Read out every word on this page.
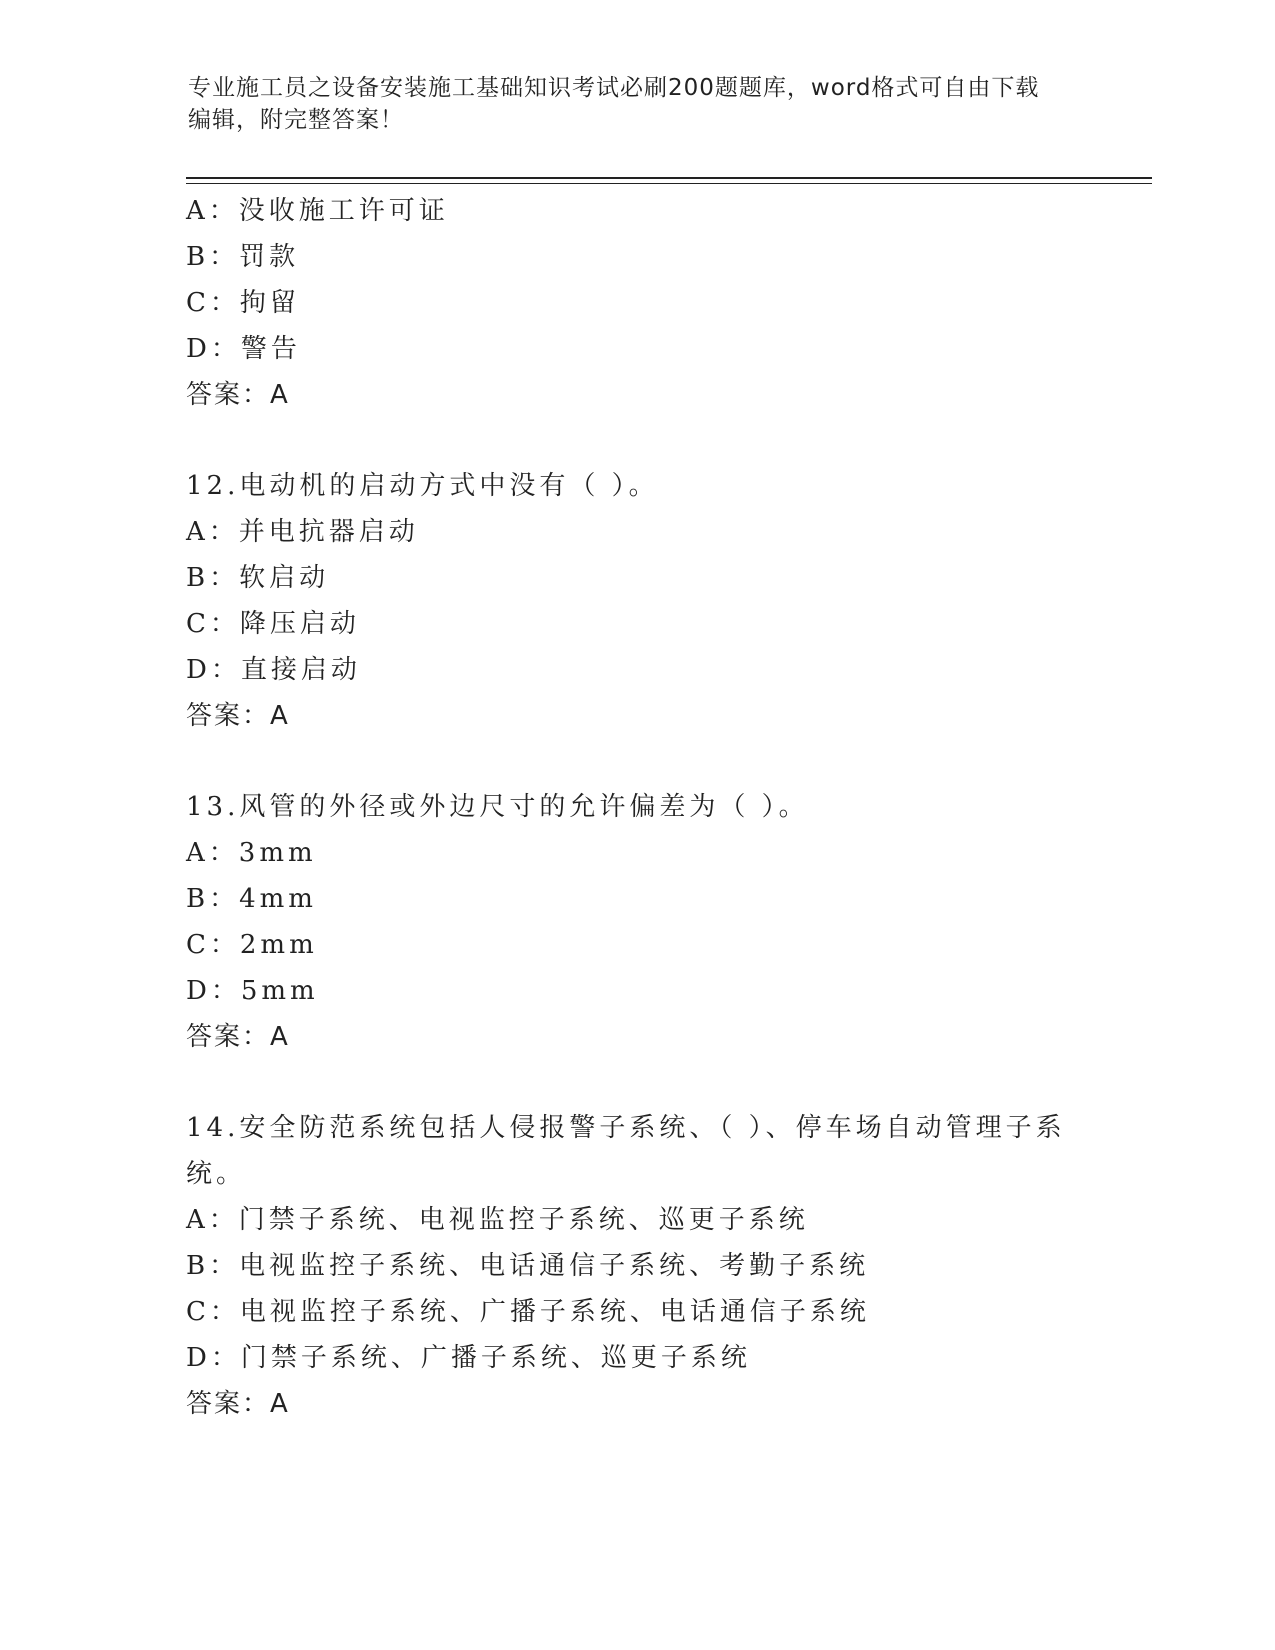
专业施工员之设备安装施工基础知识考试必刷200题题库，word格式可自由下载
编辑，附完整答案！
A：没收施工许可证
B：罚款
C：拘留
D：警告
答案：A
12.电动机的启动方式中没有（ ）。
A：并电抗器启动
B：软启动
C：降压启动
D：直接启动
答案：A
13.风管的外径或外边尺寸的允许偏差为（ ）。
A：3mm
B：4mm
C：2mm
D：5mm
答案：A
14.安全防范系统包括人侵报警子系统、（ ）、停车场自动管理子系统。
A：门禁子系统、电视监控子系统、巡更子系统
B：电视监控子系统、电话通信子系统、考勤子系统
C：电视监控子系统、广播子系统、电话通信子系统
D：门禁子系统、广播子系统、巡更子系统
答案：A
